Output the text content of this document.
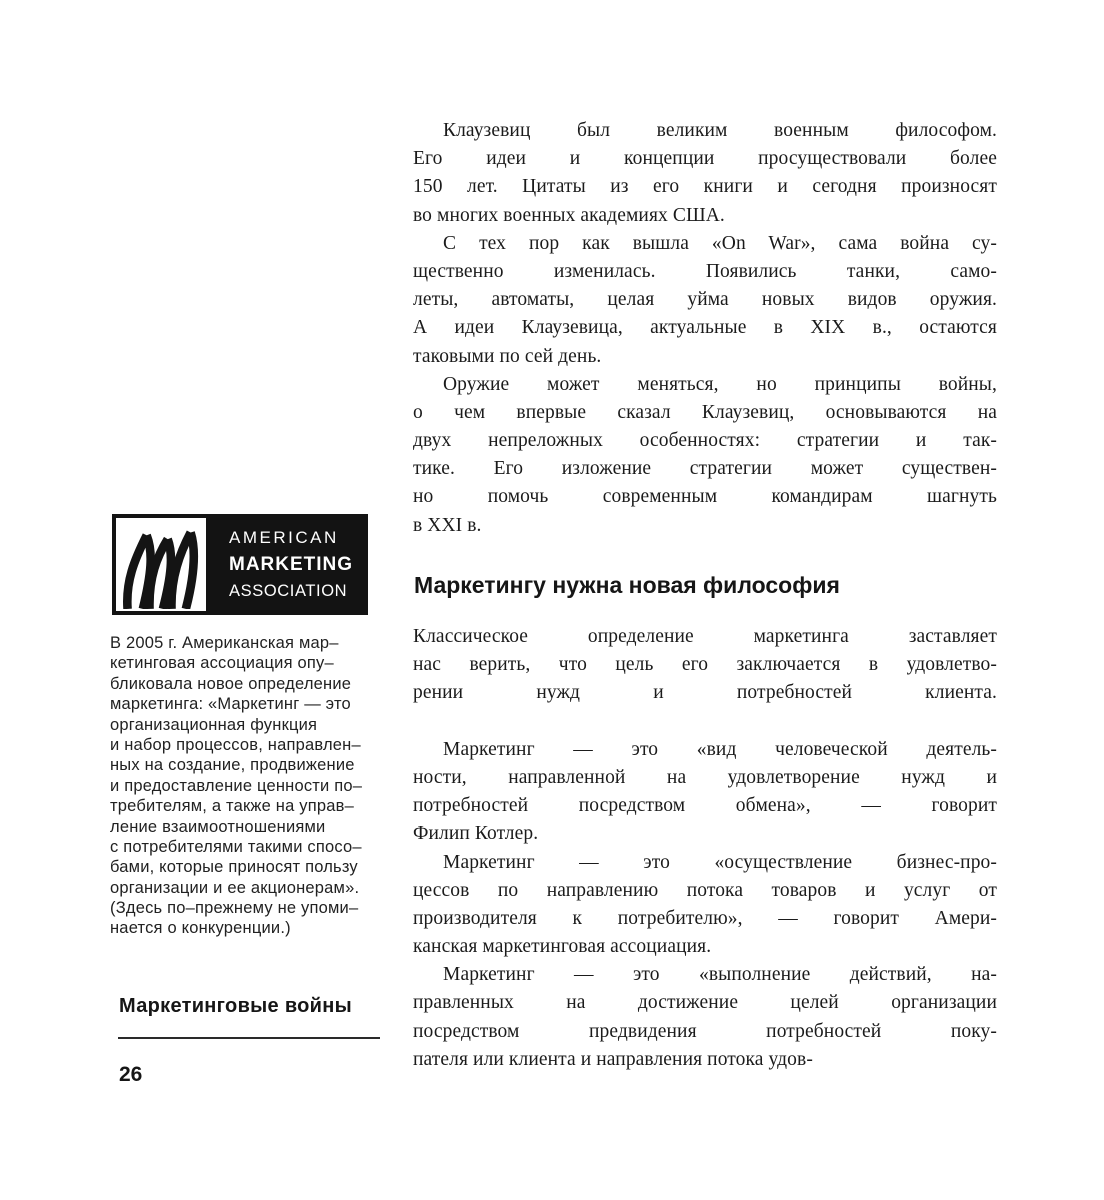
AMERICAN
MARKETING
ASSOCIATION
В 2005 г. Американская мар–
кетинговая ассоциация опу–
бликовала новое определение
маркетинга: «Маркетинг — это
организационная функция
и набор процессов, направлен–
ных на создание, продвижение
и предоставление ценности по–
требителям, а также на управ–
ление взаимоотношениями
с потребителями такими спосо–
бами, которые приносят пользу
организации и ее акционерам».
(Здесь по–прежнему не упоми–
нается о конкуренции.)
Маркетинговые войны
26
Клаузевиц был великим военным философом.
Его идеи и концепции просуществовали более
150 лет. Цитаты из его книги и сегодня произносят
во многих военных академиях США.
С тех пор как вышла «On War», сама война су-
щественно изменилась. Появились танки, само-
леты, автоматы, целая уйма новых видов оружия.
А идеи Клаузевица, актуальные в XIX в., остаются
таковыми по сей день.
Оружие может меняться, но принципы войны,
о чем впервые сказал Клаузевиц, основываются на
двух непреложных особенностях: стратегии и так-
тике. Его изложение стратегии может существен-
но помочь современным командирам шагнуть
в XXI в.
Маркетингу нужна новая философия
Классическое определение маркетинга заставляет
нас верить, что цель его заключается в удовлетво-
рении нужд и потребностей клиента.
Маркетинг — это «вид человеческой деятель-
ности, направленной на удовлетворение нужд и
потребностей посредством обмена», — говорит
Филип Котлер.
Маркетинг — это «осуществление бизнес-про-
цессов по направлению потока товаров и услуг от
производителя к потребителю», — говорит Амери-
канская маркетинговая ассоциация.
Маркетинг — это «выполнение действий, на-
правленных на достижение целей организации
посредством предвидения потребностей поку-
пателя или клиента и направления потока удов-
